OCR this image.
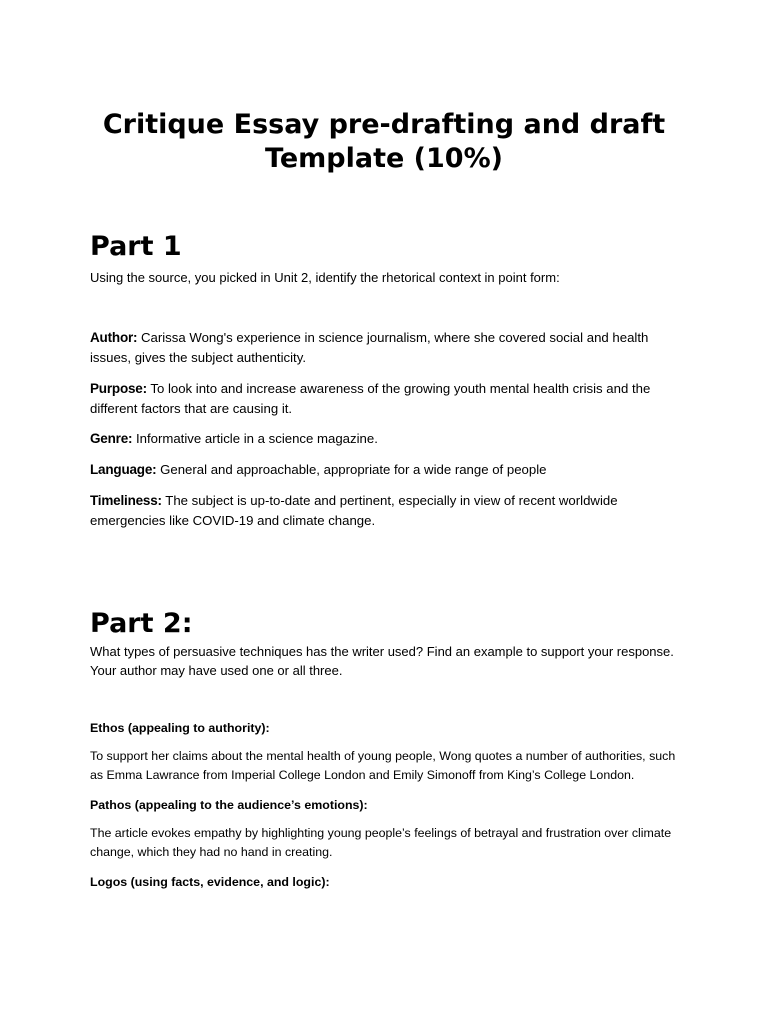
Critique Essay pre-drafting and draft
Template (10%)
Part 1

Using the source, you picked in Unit 2, identify the rhetorical context in point form:

Author: Carissa Wong's experience in science journalism, where she covered social and health issues, gives the subject authenticity.

Purpose: To look into and increase awareness of the growing youth mental health crisis and the different factors that are causing it.

Genre: Informative article in a science magazine.

Language: General and approachable, appropriate for a wide range of people

Timeliness: The subject is up-to-date and pertinent, especially in view of recent worldwide emergencies like COVID-19 and climate change.

Part 2:

What types of persuasive techniques has the writer used? Find an example to support your response. Your author may have used one or all three.

Ethos (appealing to authority):

To support her claims about the mental health of young people, Wong quotes a number of authorities, such as Emma Lawrance from Imperial College London and Emily Simonoff from King’s College London.

Pathos (appealing to the audience’s emotions):

The article evokes empathy by highlighting young people’s feelings of betrayal and frustration over climate change, which they had no hand in creating.

Logos (using facts, evidence, and logic):
